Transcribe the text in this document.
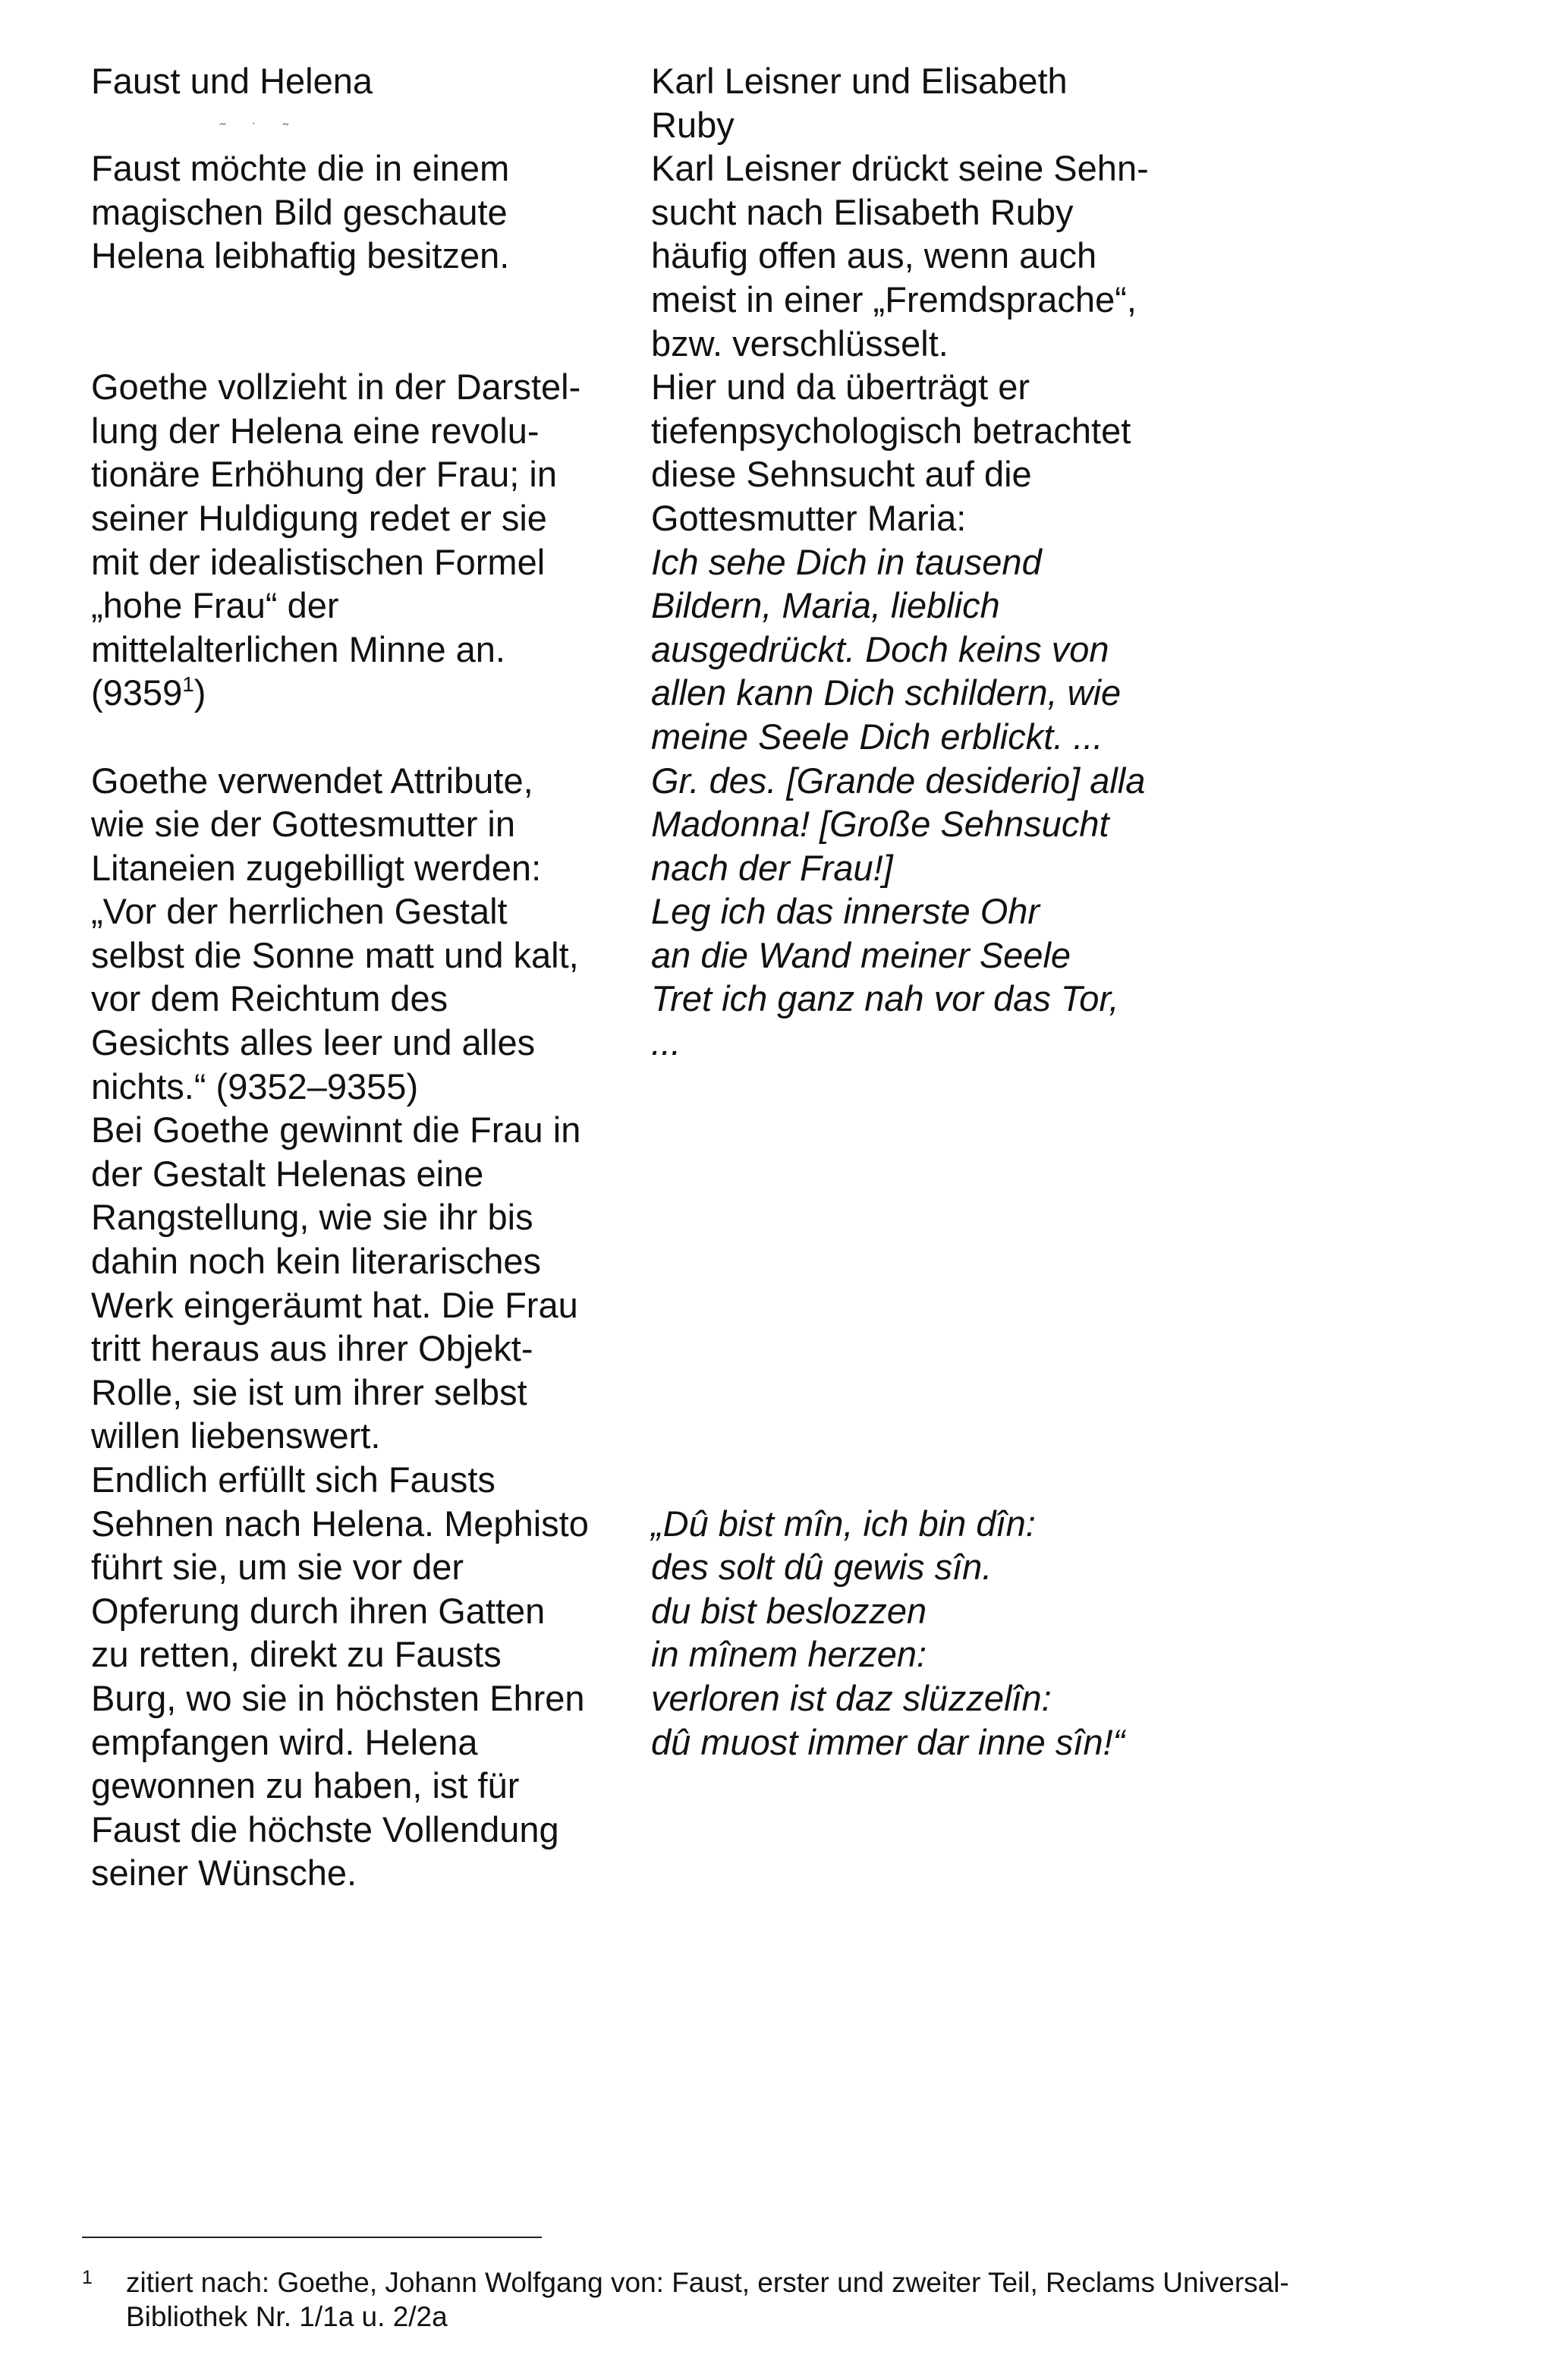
Faust und Helena
Faust möchte die in einem
magischen Bild geschaute
Helena leibhaftig besitzen.
Goethe vollzieht in der Darstel-
lung der Helena eine revolu-
tionäre Erhöhung der Frau; in
seiner Huldigung redet er sie
mit der idealistischen Formel
„hohe Frau“ der
mittelalterlichen Minne an.
(9359$^1$)
Goethe verwendet Attribute,
wie sie der Gottesmutter in
Litaneien zugebilligt werden:
„Vor der herrlichen Gestalt
selbst die Sonne matt und kalt,
vor dem Reichtum des
Gesichts alles leer und alles
nichts.“ (9352–9355)
Bei Goethe gewinnt die Frau in
der Gestalt Helenas eine
Rangstellung, wie sie ihr bis
dahin noch kein literarisches
Werk eingeräumt hat. Die Frau
tritt heraus aus ihrer Objekt-
Rolle, sie ist um ihrer selbst
willen liebenswert.
Endlich erfüllt sich Fausts
Sehnen nach Helena. Mephisto
führt sie, um sie vor der
Opferung durch ihren Gatten
zu retten, direkt zu Fausts
Burg, wo sie in höchsten Ehren
empfangen wird. Helena
gewonnen zu haben, ist für
Faust die höchste Vollendung
seiner Wünsche.
˜ ˙ ˜
Karl Leisner und Elisabeth
Ruby
Karl Leisner drückt seine Sehn-
sucht nach Elisabeth Ruby
häufig offen aus, wenn auch
meist in einer „Fremdsprache“,
bzw. verschlüsselt.
Hier und da überträgt er
tiefenpsychologisch betrachtet
diese Sehnsucht auf die
Gottesmutter Maria:
Ich sehe Dich in tausend
Bildern, Maria, lieblich
ausgedrückt. Doch keins von
allen kann Dich schildern, wie
meine Seele Dich erblickt. ...
Gr. des. [Grande desiderio] alla
Madonna! [Große Sehnsucht
nach der Frau!]
Leg ich das innerste Ohr
an die Wand meiner Seele
Tret ich ganz nah vor das Tor,
...
„Dû bist mîn, ich bin dîn:
des solt dû gewis sîn.
du bist beslozzen
in mînem herzen:
verloren ist daz slüzzelîn:
dû muost immer dar inne sîn!“
1 zitiert nach: Goethe, Johann Wolfgang von: Faust, erster und zweiter Teil, Reclams Universal-
Bibliothek Nr. 1/1a u. 2/2a
